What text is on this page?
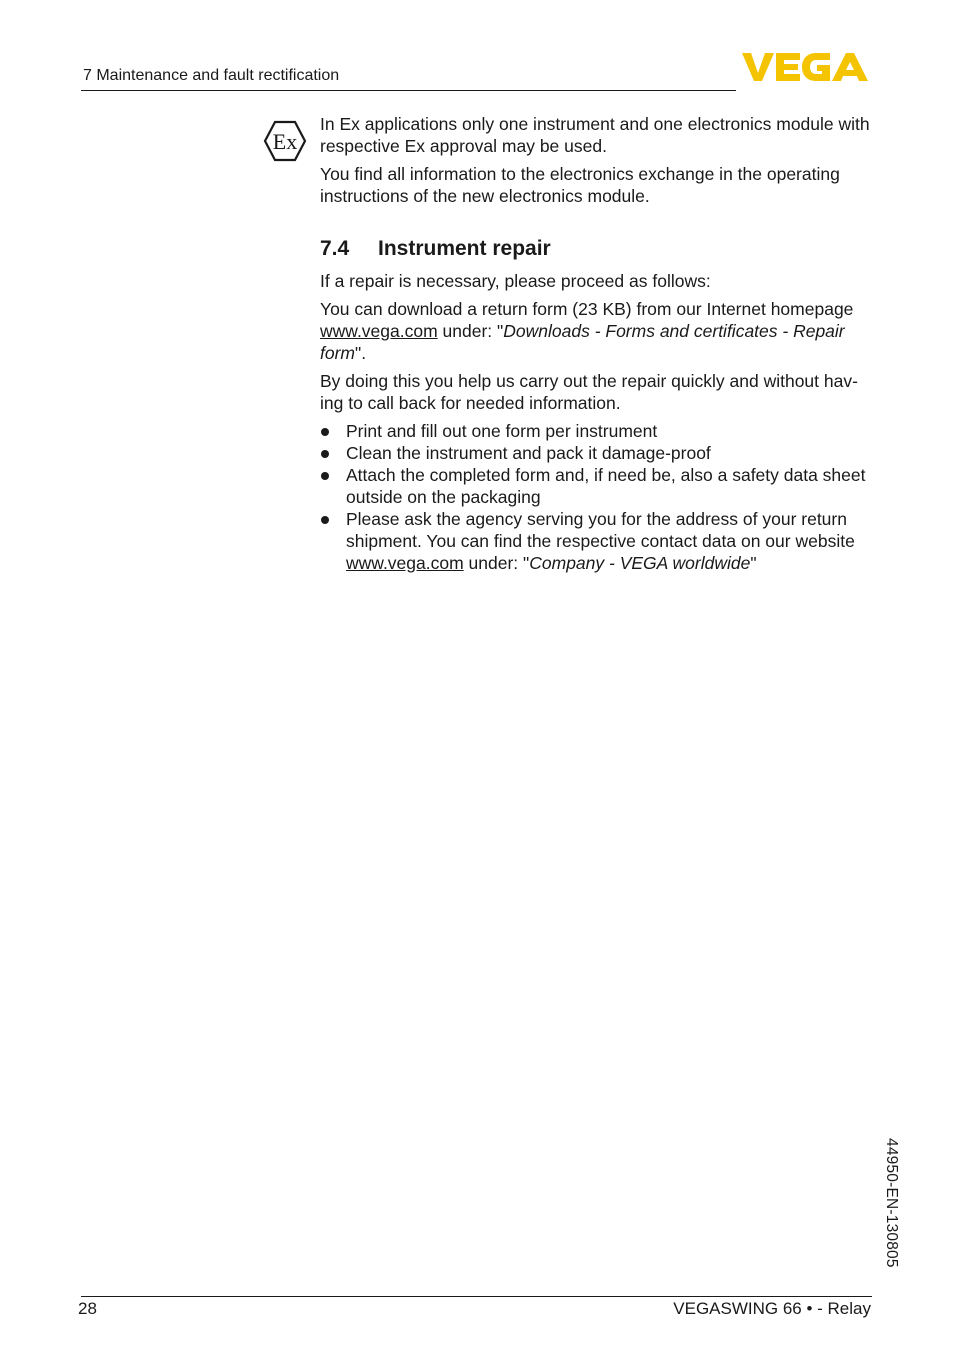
7 Maintenance and fault rectification
Ex

In Ex applications only one instrument and one electronics module with respective Ex approval may be used.

You find all information to the electronics exchange in the operating instructions of the new electronics module.

7.4 Instrument repair

If a repair is necessary, please proceed as follows:

You can download a return form (23 KB) from our Internet homepage www.vega.com under: "Downloads - Forms and certificates - Repair form".

By doing this you help us carry out the repair quickly and without hav-ing to call back for needed information.

Print and fill out one form per instrument
Clean the instrument and pack it damage-proof
Attach the completed form and, if need be, also a safety data sheet outside on the packaging
Please ask the agency serving you for the address of your return shipment. You can find the respective contact data on our website www.vega.com under: "Company - VEGA worldwide"
44950-EN-130805
28	VEGASWING 66 • - Relay
